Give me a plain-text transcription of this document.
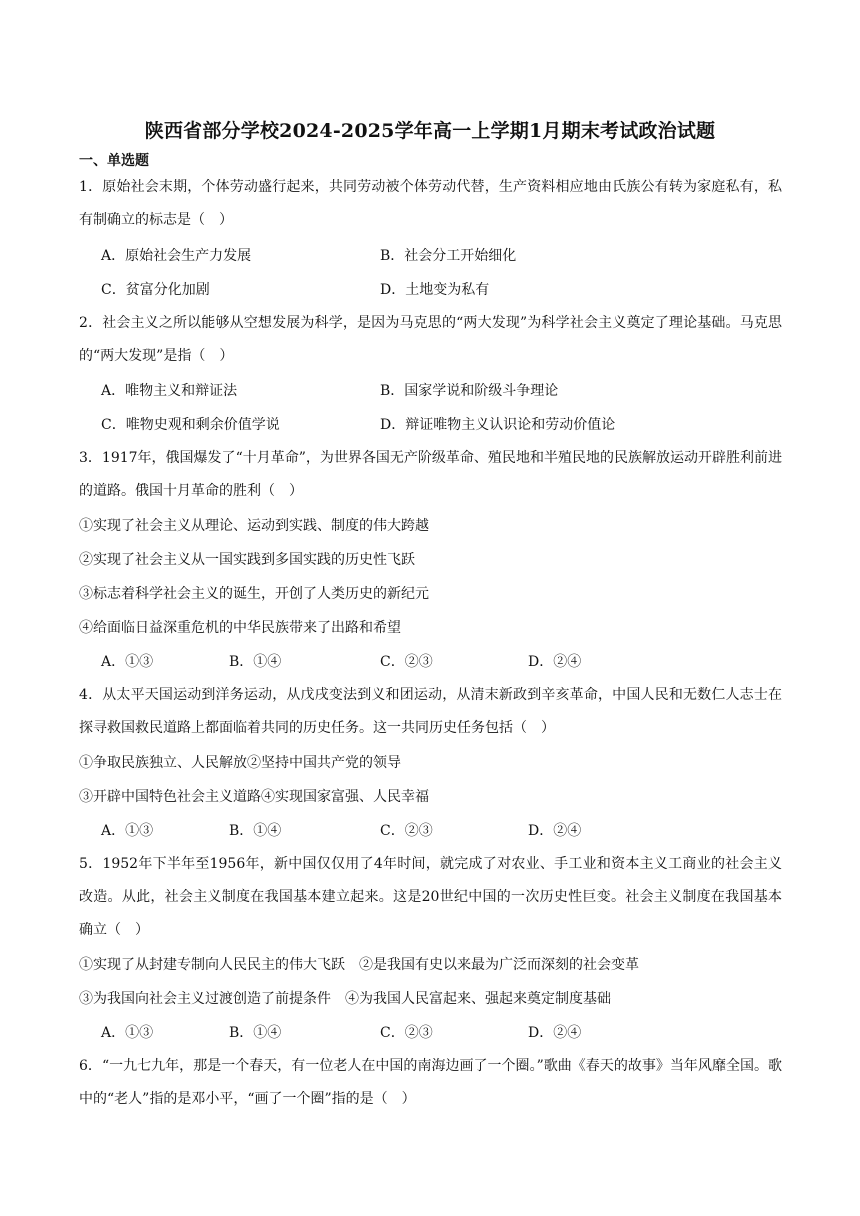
陕西省部分学校2024-2025学年高一上学期1月期末考试政治试题
一、单选题
1．原始社会末期，个体劳动盛行起来，共同劳动被个体劳动代替，生产资料相应地由氏族公有转为家庭私有，私有制确立的标志是（　）
A．原始社会生产力发展	B．社会分工开始细化
C．贫富分化加剧	D．土地变为私有
2．社会主义之所以能够从空想发展为科学，是因为马克思的“两大发现”为科学社会主义奠定了理论基础。马克思的“两大发现”是指（　）
A．唯物主义和辩证法	B．国家学说和阶级斗争理论
C．唯物史观和剩余价值学说	D．辩证唯物主义认识论和劳动价值论
3．1917年，俄国爆发了“十月革命”，为世界各国无产阶级革命、殖民地和半殖民地的民族解放运动开辟胜利前进的道路。俄国十月革命的胜利（　）
①实现了社会主义从理论、运动到实践、制度的伟大跨越
②实现了社会主义从一国实践到多国实践的历史性飞跃
③标志着科学社会主义的诞生，开创了人类历史的新纪元
④给面临日益深重危机的中华民族带来了出路和希望
A．①③	B．①④	C．②③	D．②④
4．从太平天国运动到洋务运动，从戊戌变法到义和团运动，从清末新政到辛亥革命，中国人民和无数仁人志士在探寻救国救民道路上都面临着共同的历史任务。这一共同历史任务包括（　）
①争取民族独立、人民解放②坚持中国共产党的领导
③开辟中国特色社会主义道路④实现国家富强、人民幸福
A．①③	B．①④	C．②③	D．②④
5．1952年下半年至1956年，新中国仅仅用了4年时间，就完成了对农业、手工业和资本主义工商业的社会主义改造。从此，社会主义制度在我国基本建立起来。这是20世纪中国的一次历史性巨变。社会主义制度在我国基本确立（　）
①实现了从封建专制向人民民主的伟大飞跃　②是我国有史以来最为广泛而深刻的社会变革
③为我国向社会主义过渡创造了前提条件　④为我国人民富起来、强起来奠定制度基础
A．①③	B．①④	C．②③	D．②④
6．“一九七九年，那是一个春天，有一位老人在中国的南海边画了一个圈。”歌曲《春天的故事》当年风靡全国。歌中的“老人”指的是邓小平，“画了一个圈”指的是（　）
